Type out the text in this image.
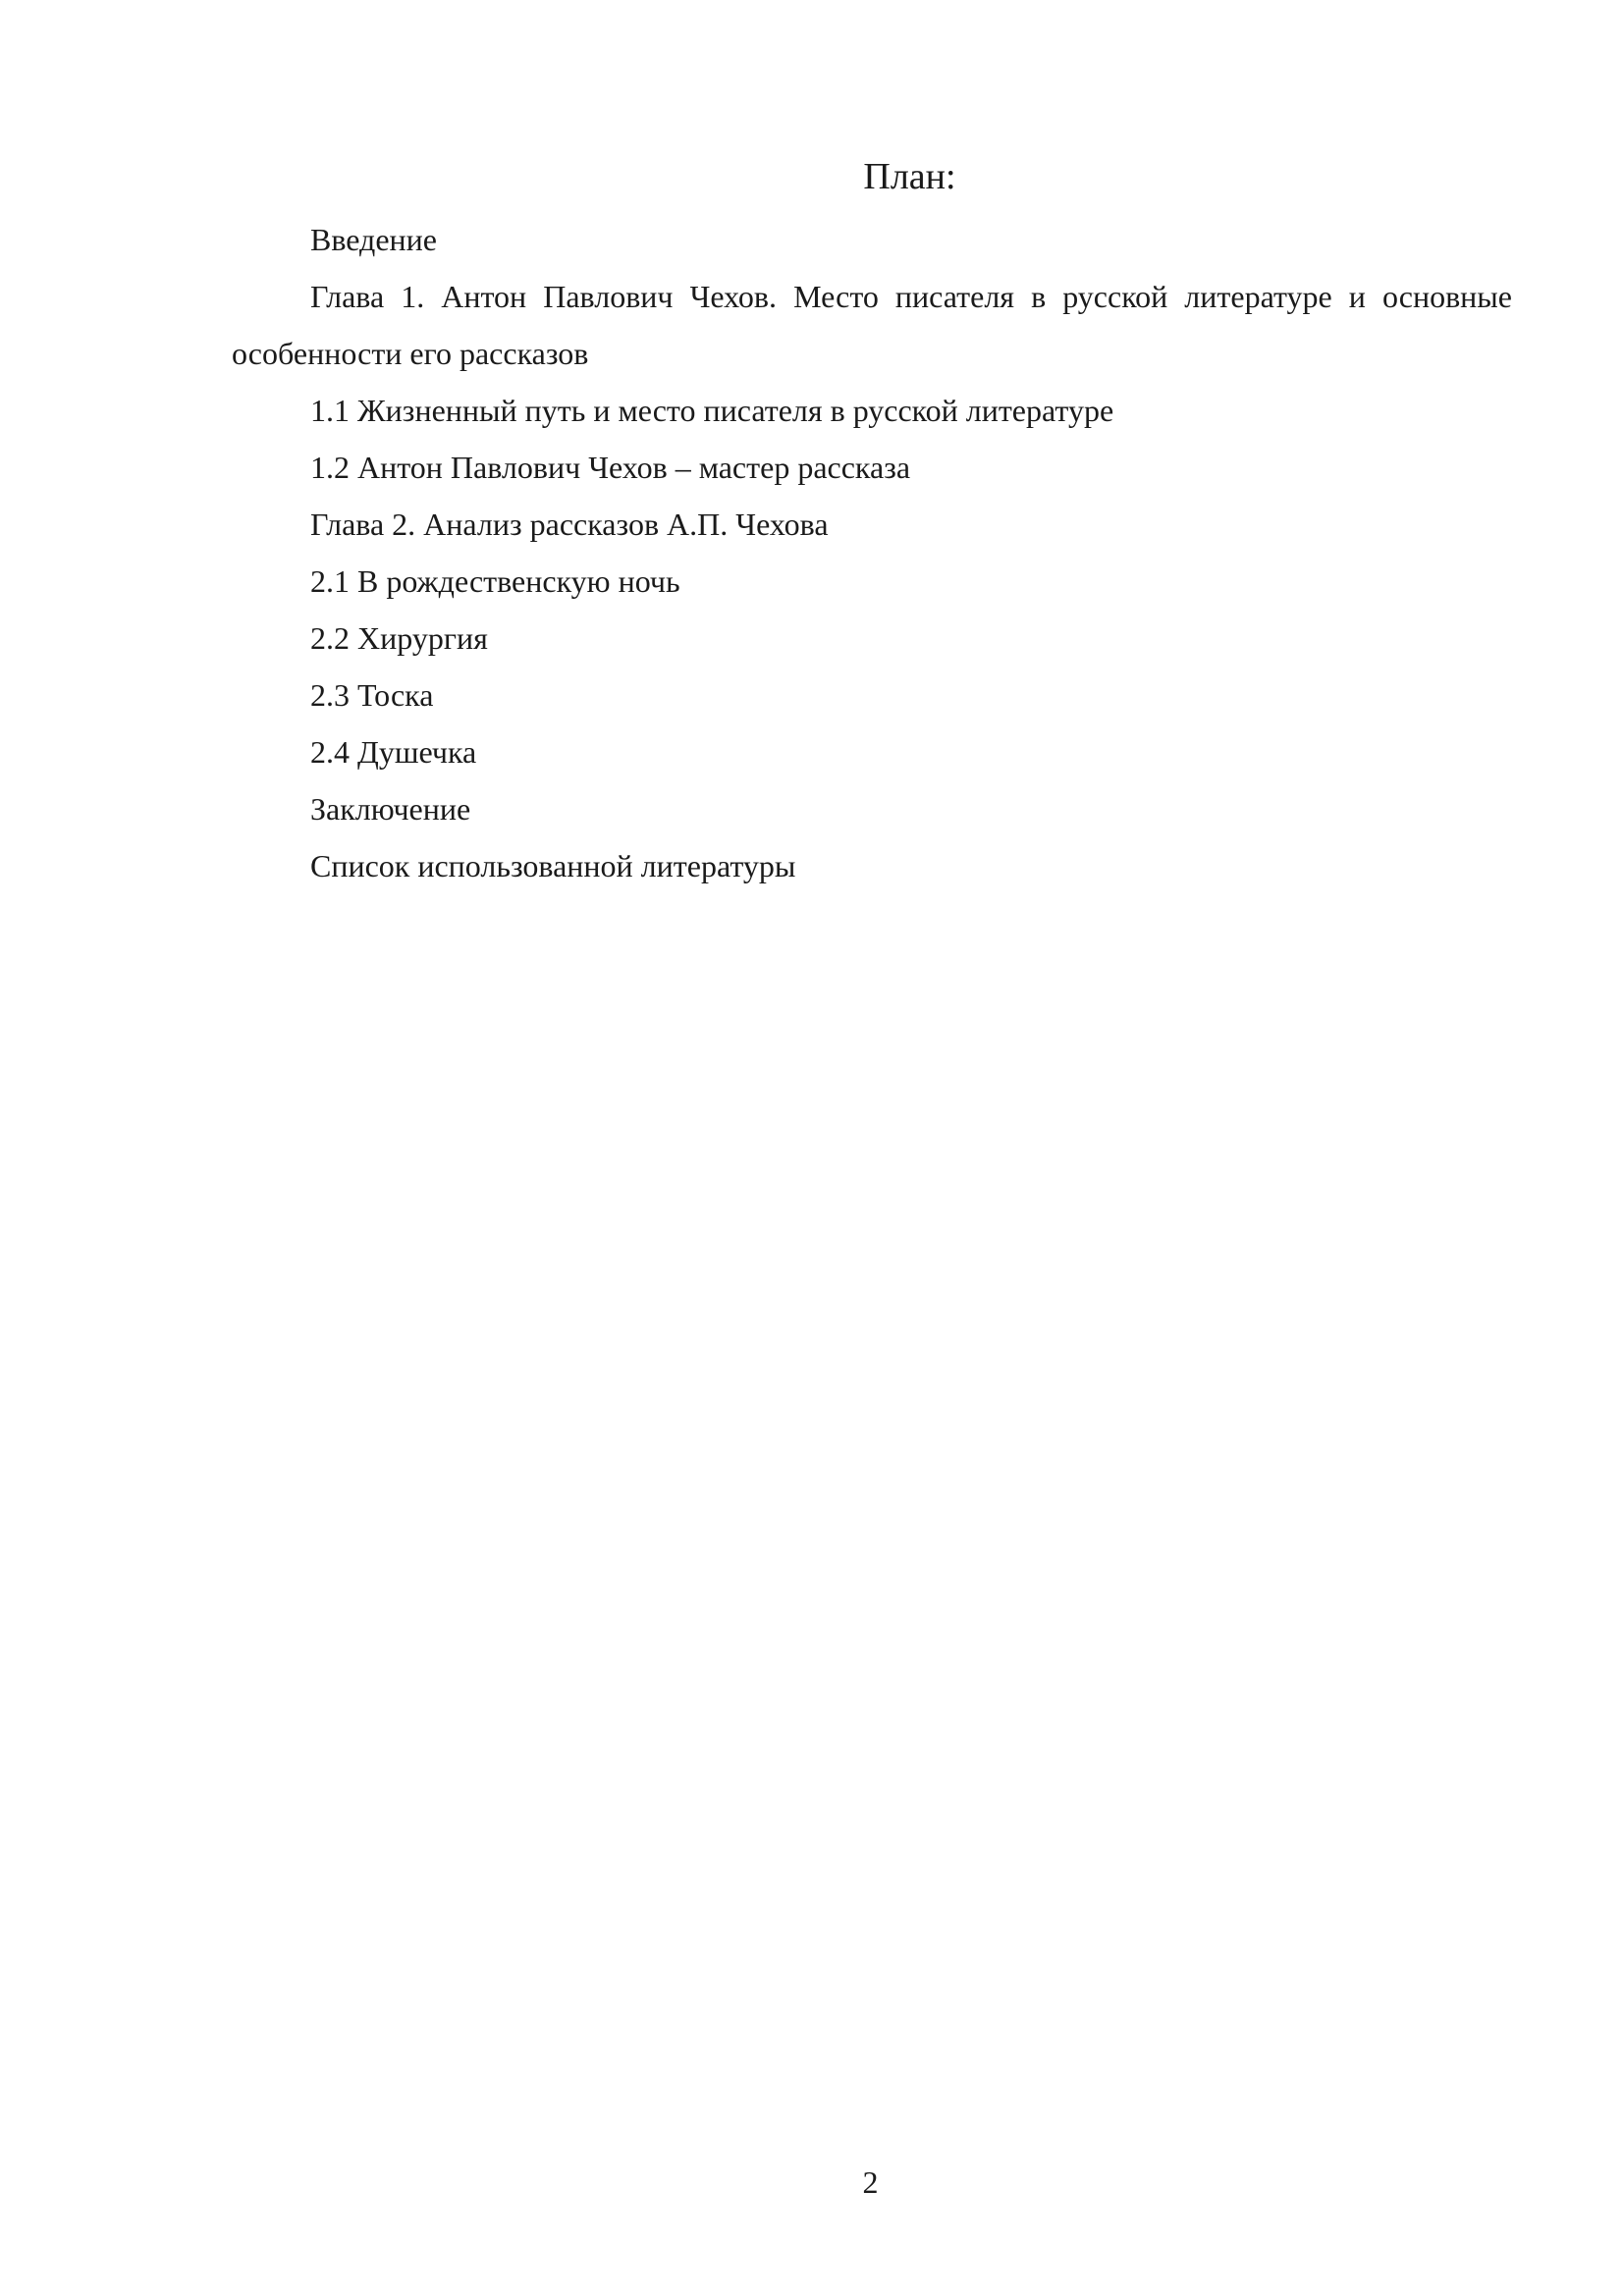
План:
Введение
Глава 1. Антон Павлович Чехов. Место писателя в русской литературе и основные особенности его рассказов
1.1 Жизненный путь и место писателя в русской литературе
1.2 Антон Павлович Чехов – мастер рассказа
Глава 2. Анализ рассказов А.П. Чехова
2.1 В рождественскую ночь
2.2 Хирургия
2.3 Тоска
2.4 Душечка
Заключение
Список использованной литературы
2
